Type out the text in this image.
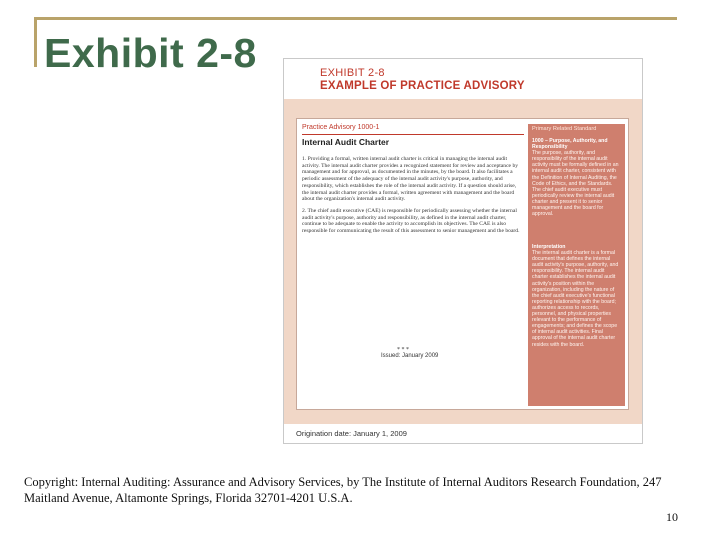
Exhibit 2-8	EXHIBIT 2-8
EXAMPLE OF PRACTICE ADVISORY
Practice Advisory 1000-1
Internal Audit Charter

1. Providing a formal, written internal audit charter is critical in managing the internal audit activity. The internal audit charter provides a recognized statement for review and acceptance by management and for approval, as documented in the minutes, by the board. It also facilitates a periodic assessment of the adequacy of the internal audit activity's purpose, authority, and responsibility, which establishes the role of the internal audit activity. If a question should arise, the internal audit charter provides a formal, written agreement with management and the board about the organization's internal audit activity.

2. The chief audit executive (CAE) is responsible for periodically assessing whether the internal audit activity's purpose, authority and responsibility, as defined in the internal audit charter, continue to be adequate to enable the activity to accomplish its objectives. The CAE is also responsible for communicating the result of this assessment to senior management and the board.

* * *
Issued: January 2009
Primary Related Standard
1000 – Purpose, Authority, and Responsibility
The purpose, authority, and responsibility of the internal audit activity must be formally defined in an internal audit charter, consistent with the Definition of Internal Auditing, the Code of Ethics, and the Standards. The chief audit executive must periodically review the internal audit charter and present it to senior management and the board for approval.
Interpretation
The internal audit charter is a formal document that defines the internal audit activity's purpose, authority, and responsibility. The internal audit charter establishes the internal audit activity's position within the organization, including the nature of the chief audit executive's functional reporting relationship with the board; authorizes access to records, personnel, and physical properties relevant to the performance of engagements; and defines the scope of internal audit activities. Final approval of the internal audit charter resides with the board.
Origination date: January 1, 2009

Copyright: Internal Auditing: Assurance and Advisory Services, by The Institute of Internal Auditors Research Foundation, 247 Maitland Avenue, Altamonte Springs, Florida 32701-4201 U.S.A.

10
